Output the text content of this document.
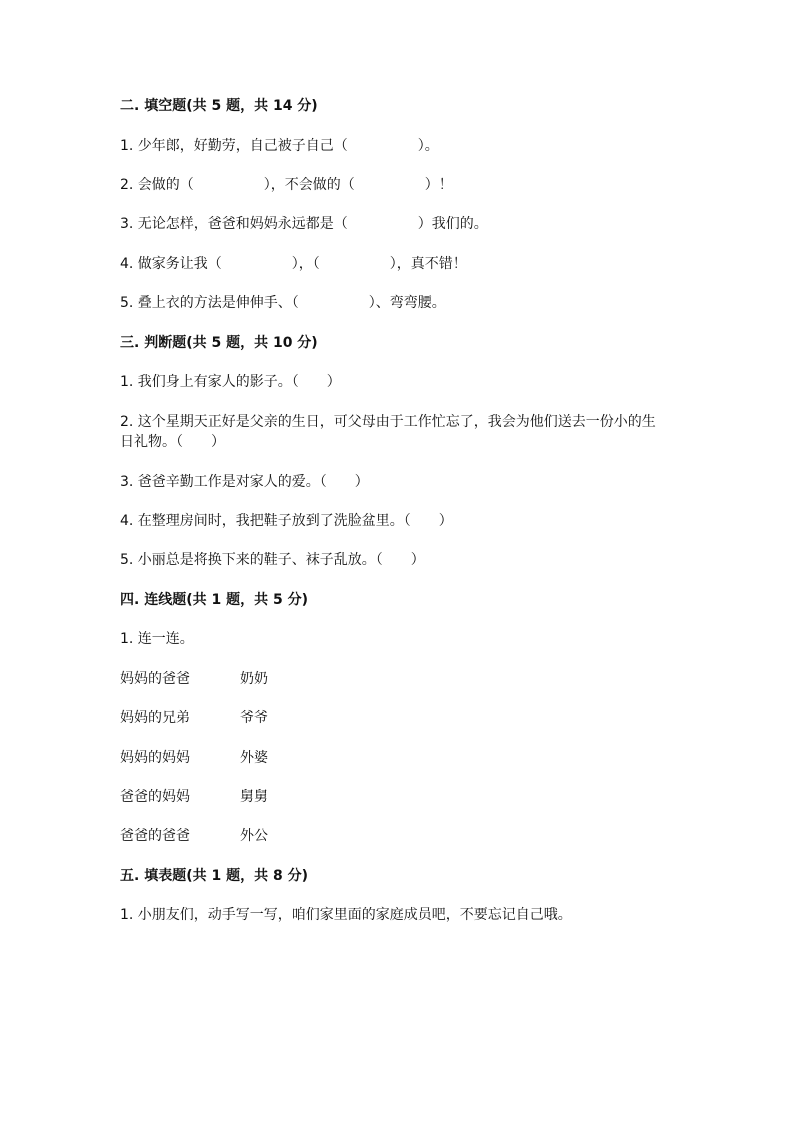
二. 填空题(共 5 题，共 14 分)
1. 少年郎，好勤劳，自己被子自己（　　　　　）。
2. 会做的（　　　　　），不会做的（　　　　　）！
3. 无论怎样，爸爸和妈妈永远都是（　　　　　）我们的。
4. 做家务让我（　　　　　），（　　　　　），真不错！
5. 叠上衣的方法是伸伸手、（　　　　　）、弯弯腰。
三. 判断题(共 5 题，共 10 分)
1. 我们身上有家人的影子。（　　）
2. 这个星期天正好是父亲的生日，可父母由于工作忙忘了，我会为他们送去一份小的生日礼物。（　　）
3. 爸爸辛勤工作是对家人的爱。（　　）
4. 在整理房间时，我把鞋子放到了洗脸盆里。（　　）
5. 小丽总是将换下来的鞋子、袜子乱放。（　　）
四. 连线题(共 1 题，共 5 分)
1. 连一连。
妈妈的爸爸	奶奶
妈妈的兄弟	爷爷
妈妈的妈妈	外婆
爸爸的妈妈	舅舅
爸爸的爸爸	外公
五. 填表题(共 1 题，共 8 分)
1. 小朋友们，动手写一写，咱们家里面的家庭成员吧，不要忘记自己哦。
